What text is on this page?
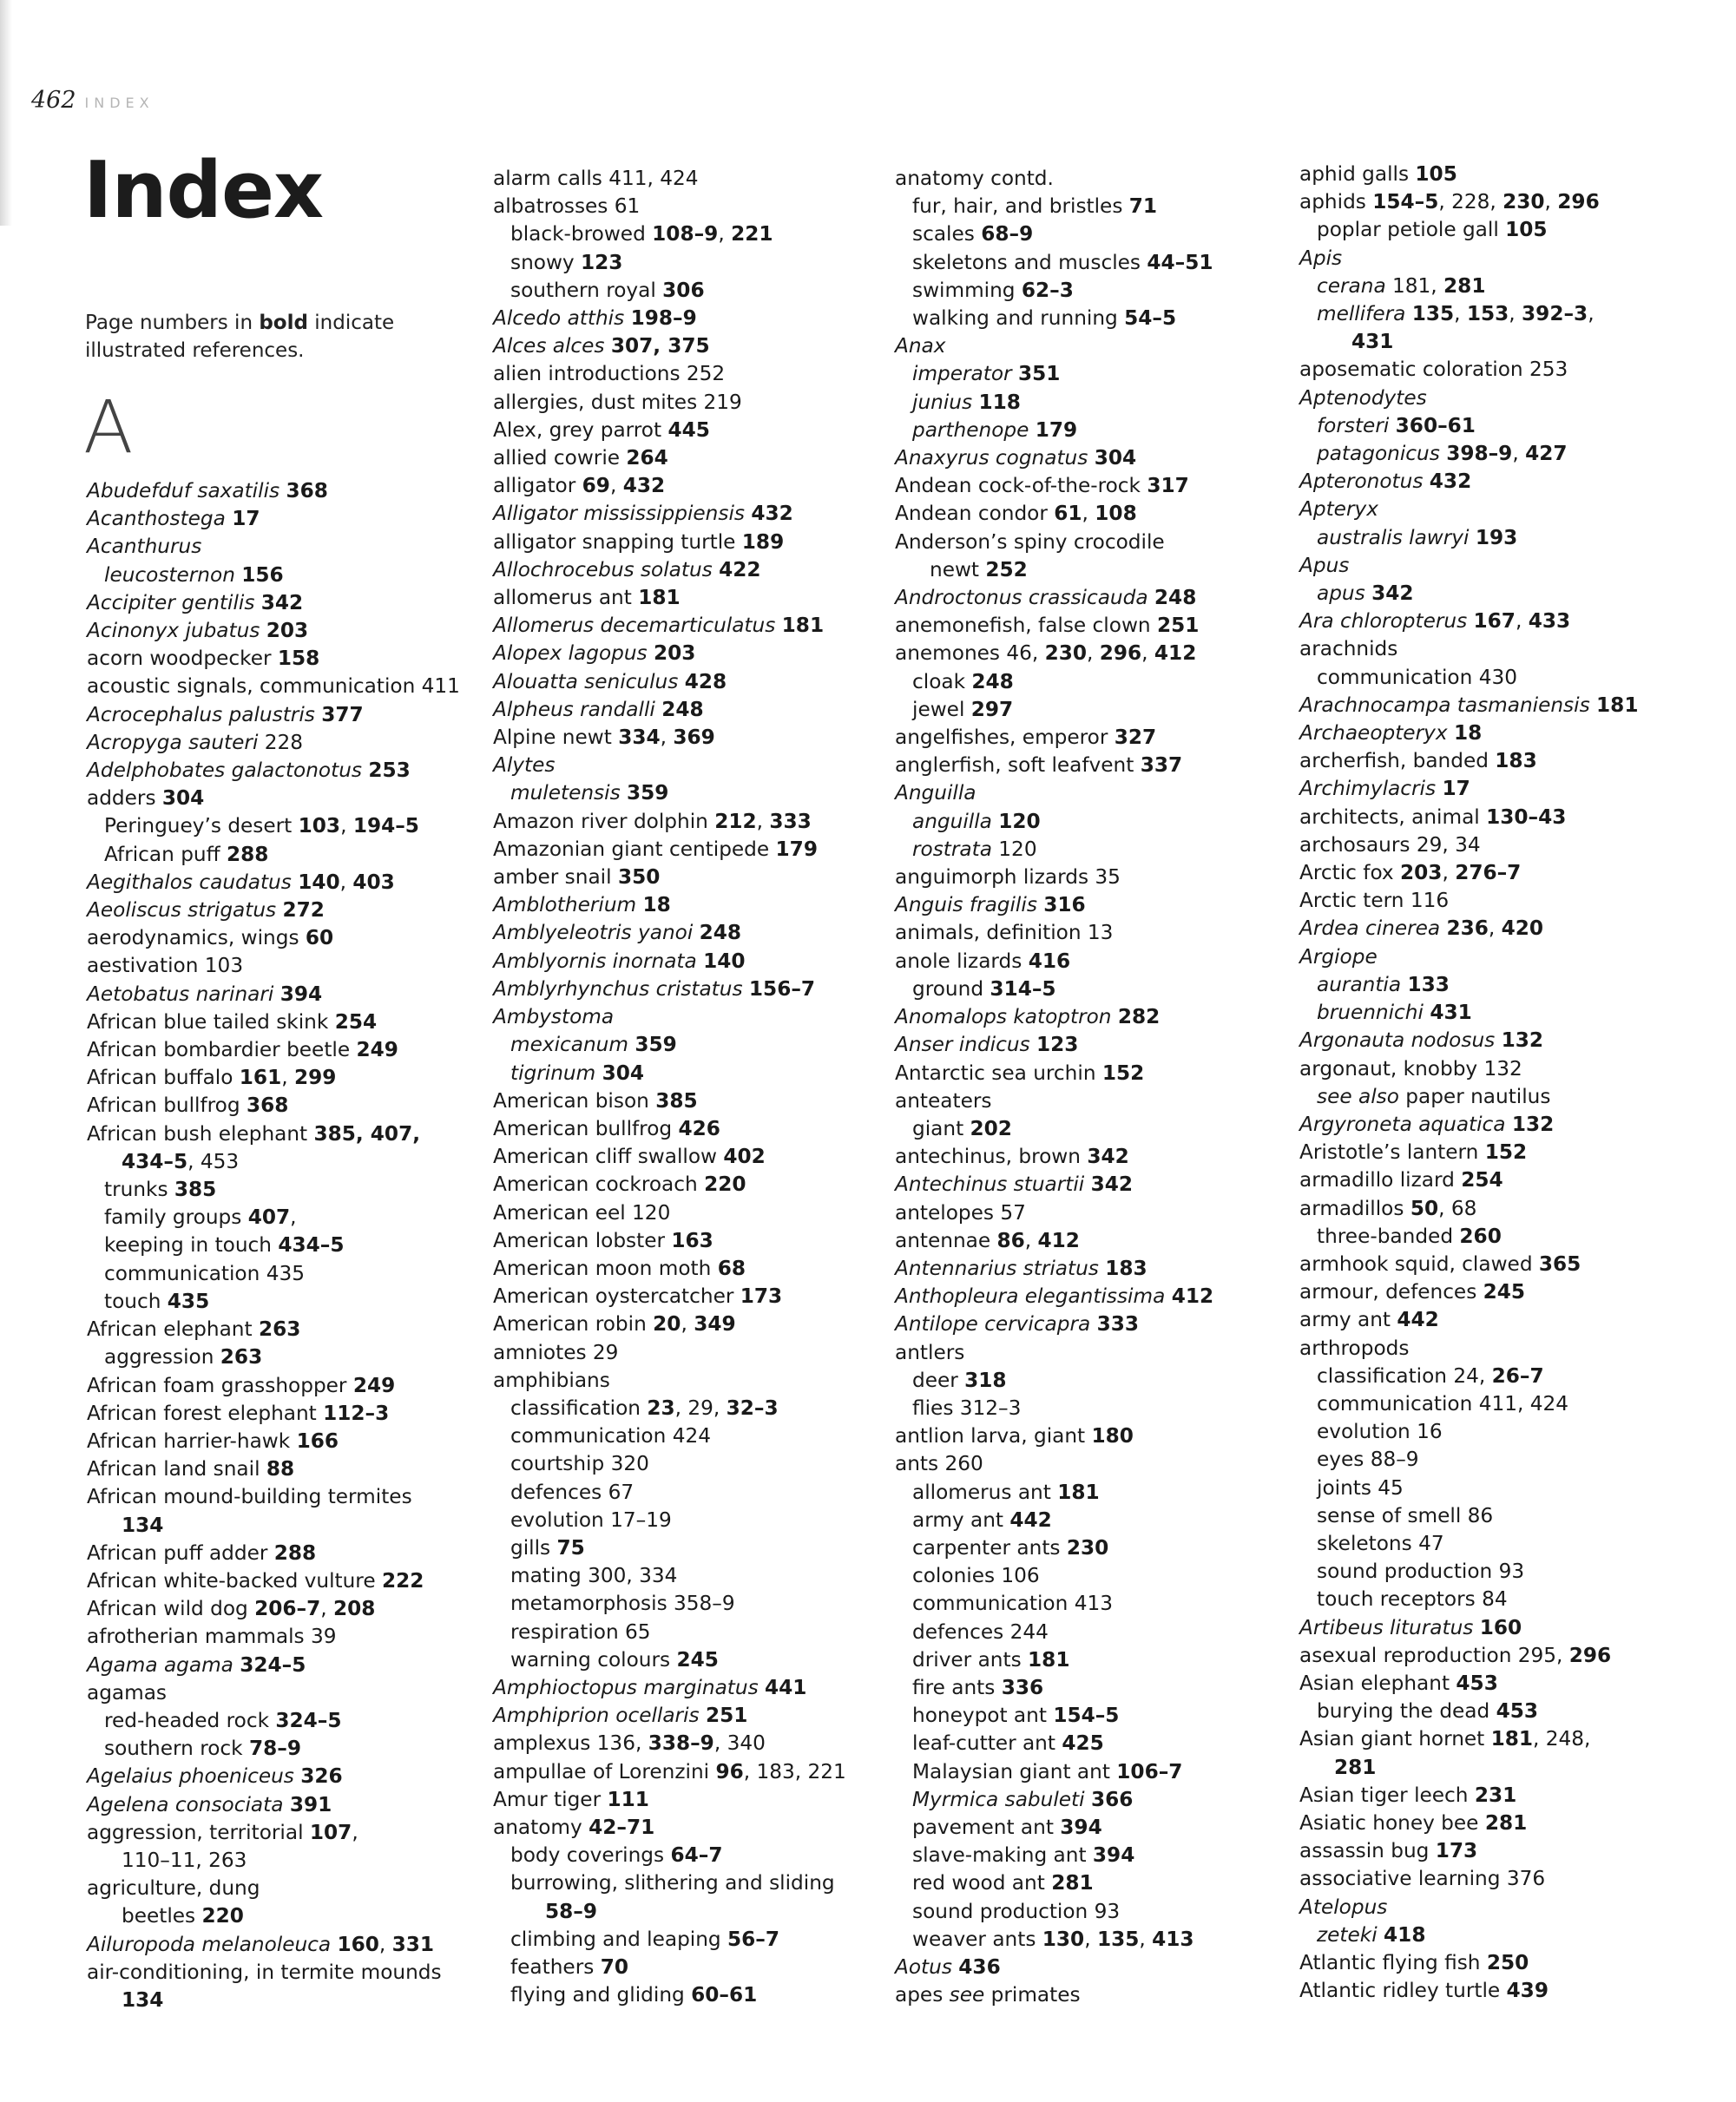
462 INDEX
Index
Page numbers in bold indicate illustrated references.
A
Abudefduf saxatilis 368
Acanthostega 17
Acanthurus
leucosternon 156
Accipiter gentilis 342
Acinonyx jubatus 203
acorn woodpecker 158
acoustic signals, communication 411
Acrocephalus palustris 377
Acropyga sauteri 228
Adelphobates galactonotus 253
adders 304
Peringuey’s desert 103, 194–5
African puff 288
Aegithalos caudatus 140, 403
Aeoliscus strigatus 272
aerodynamics, wings 60
aestivation 103
Aetobatus narinari 394
African blue tailed skink 254
African bombardier beetle 249
African buffalo 161, 299
African bullfrog 368
African bush elephant 385, 407,
434–5, 453
trunks 385
family groups 407,
keeping in touch 434–5
communication 435
touch 435
African elephant 263
aggression 263
African foam grasshopper 249
African forest elephant 112–3
African harrier-hawk 166
African land snail 88
African mound-building termites
134
African puff adder 288
African white-backed vulture 222
African wild dog 206–7, 208
afrotherian mammals 39
Agama agama 324–5
agamas
red-headed rock 324–5
southern rock 78–9
Agelaius phoeniceus 326
Agelena consociata 391
aggression, territorial 107,
110–11, 263
agriculture, dung
beetles 220
Ailuropoda melanoleuca 160, 331
air-conditioning, in termite mounds
134
alarm calls 411, 424
albatrosses 61
black-browed 108–9, 221
snowy 123
southern royal 306
Alcedo atthis 198–9
Alces alces 307, 375
alien introductions 252
allergies, dust mites 219
Alex, grey parrot 445
allied cowrie 264
alligator 69, 432
Alligator mississippiensis 432
alligator snapping turtle 189
Allochrocebus solatus 422
allomerus ant 181
Allomerus decemarticulatus 181
Alopex lagopus 203
Alouatta seniculus 428
Alpheus randalli 248
Alpine newt 334, 369
Alytes
muletensis 359
Amazon river dolphin 212, 333
Amazonian giant centipede 179
amber snail 350
Amblotherium 18
Amblyeleotris yanoi 248
Amblyornis inornata 140
Amblyrhynchus cristatus 156–7
Ambystoma
mexicanum 359
tigrinum 304
American bison 385
American bullfrog 426
American cliff swallow 402
American cockroach 220
American eel 120
American lobster 163
American moon moth 68
American oystercatcher 173
American robin 20, 349
amniotes 29
amphibians
classification 23, 29, 32–3
communication 424
courtship 320
defences 67
evolution 17–19
gills 75
mating 300, 334
metamorphosis 358–9
respiration 65
warning colours 245
Amphioctopus marginatus 441
Amphiprion ocellaris 251
amplexus 136, 338–9, 340
ampullae of Lorenzini 96, 183, 221
Amur tiger 111
anatomy 42–71
body coverings 64–7
burrowing, slithering and sliding
58–9
climbing and leaping 56–7
feathers 70
flying and gliding 60–61
anatomy contd.
fur, hair, and bristles 71
scales 68–9
skeletons and muscles 44–51
swimming 62–3
walking and running 54–5
Anax
imperator 351
junius 118
parthenope 179
Anaxyrus cognatus 304
Andean cock-of-the-rock 317
Andean condor 61, 108
Anderson’s spiny crocodile
newt 252
Androctonus crassicauda 248
anemonefish, false clown 251
anemones 46, 230, 296, 412
cloak 248
jewel 297
angelfishes, emperor 327
anglerfish, soft leafvent 337
Anguilla
anguilla 120
rostrata 120
anguimorph lizards 35
Anguis fragilis 316
animals, definition 13
anole lizards 416
ground 314–5
Anomalops katoptron 282
Anser indicus 123
Antarctic sea urchin 152
anteaters
giant 202
antechinus, brown 342
Antechinus stuartii 342
antelopes 57
antennae 86, 412
Antennarius striatus 183
Anthopleura elegantissima 412
Antilope cervicapra 333
antlers
deer 318
flies 312–3
antlion larva, giant 180
ants 260
allomerus ant 181
army ant 442
carpenter ants 230
colonies 106
communication 413
defences 244
driver ants 181
fire ants 336
honeypot ant 154–5
leaf-cutter ant 425
Malaysian giant ant 106–7
Myrmica sabuleti 366
pavement ant 394
slave-making ant 394
red wood ant 281
sound production 93
weaver ants 130, 135, 413
Aotus 436
apes see primates
aphid galls 105
aphids 154–5, 228, 230, 296
poplar petiole gall 105
Apis
cerana 181, 281
mellifera 135, 153, 392–3,
431
aposematic coloration 253
Aptenodytes
forsteri 360–61
patagonicus 398–9, 427
Apteronotus 432
Apteryx
australis lawryi 193
Apus
apus 342
Ara chloropterus 167, 433
arachnids
communication 430
Arachnocampa tasmaniensis 181
Archaeopteryx 18
archerfish, banded 183
Archimylacris 17
architects, animal 130–43
archosaurs 29, 34
Arctic fox 203, 276–7
Arctic tern 116
Ardea cinerea 236, 420
Argiope
aurantia 133
bruennichi 431
Argonauta nodosus 132
argonaut, knobby 132
see also paper nautilus
Argyroneta aquatica 132
Aristotle’s lantern 152
armadillo lizard 254
armadillos 50, 68
three-banded 260
armhook squid, clawed 365
armour, defences 245
army ant 442
arthropods
classification 24, 26–7
communication 411, 424
evolution 16
eyes 88–9
joints 45
sense of smell 86
skeletons 47
sound production 93
touch receptors 84
Artibeus lituratus 160
asexual reproduction 295, 296
Asian elephant 453
burying the dead 453
Asian giant hornet 181, 248,
281
Asian tiger leech 231
Asiatic honey bee 281
assassin bug 173
associative learning 376
Atelopus
zeteki 418
Atlantic flying fish 250
Atlantic ridley turtle 439
